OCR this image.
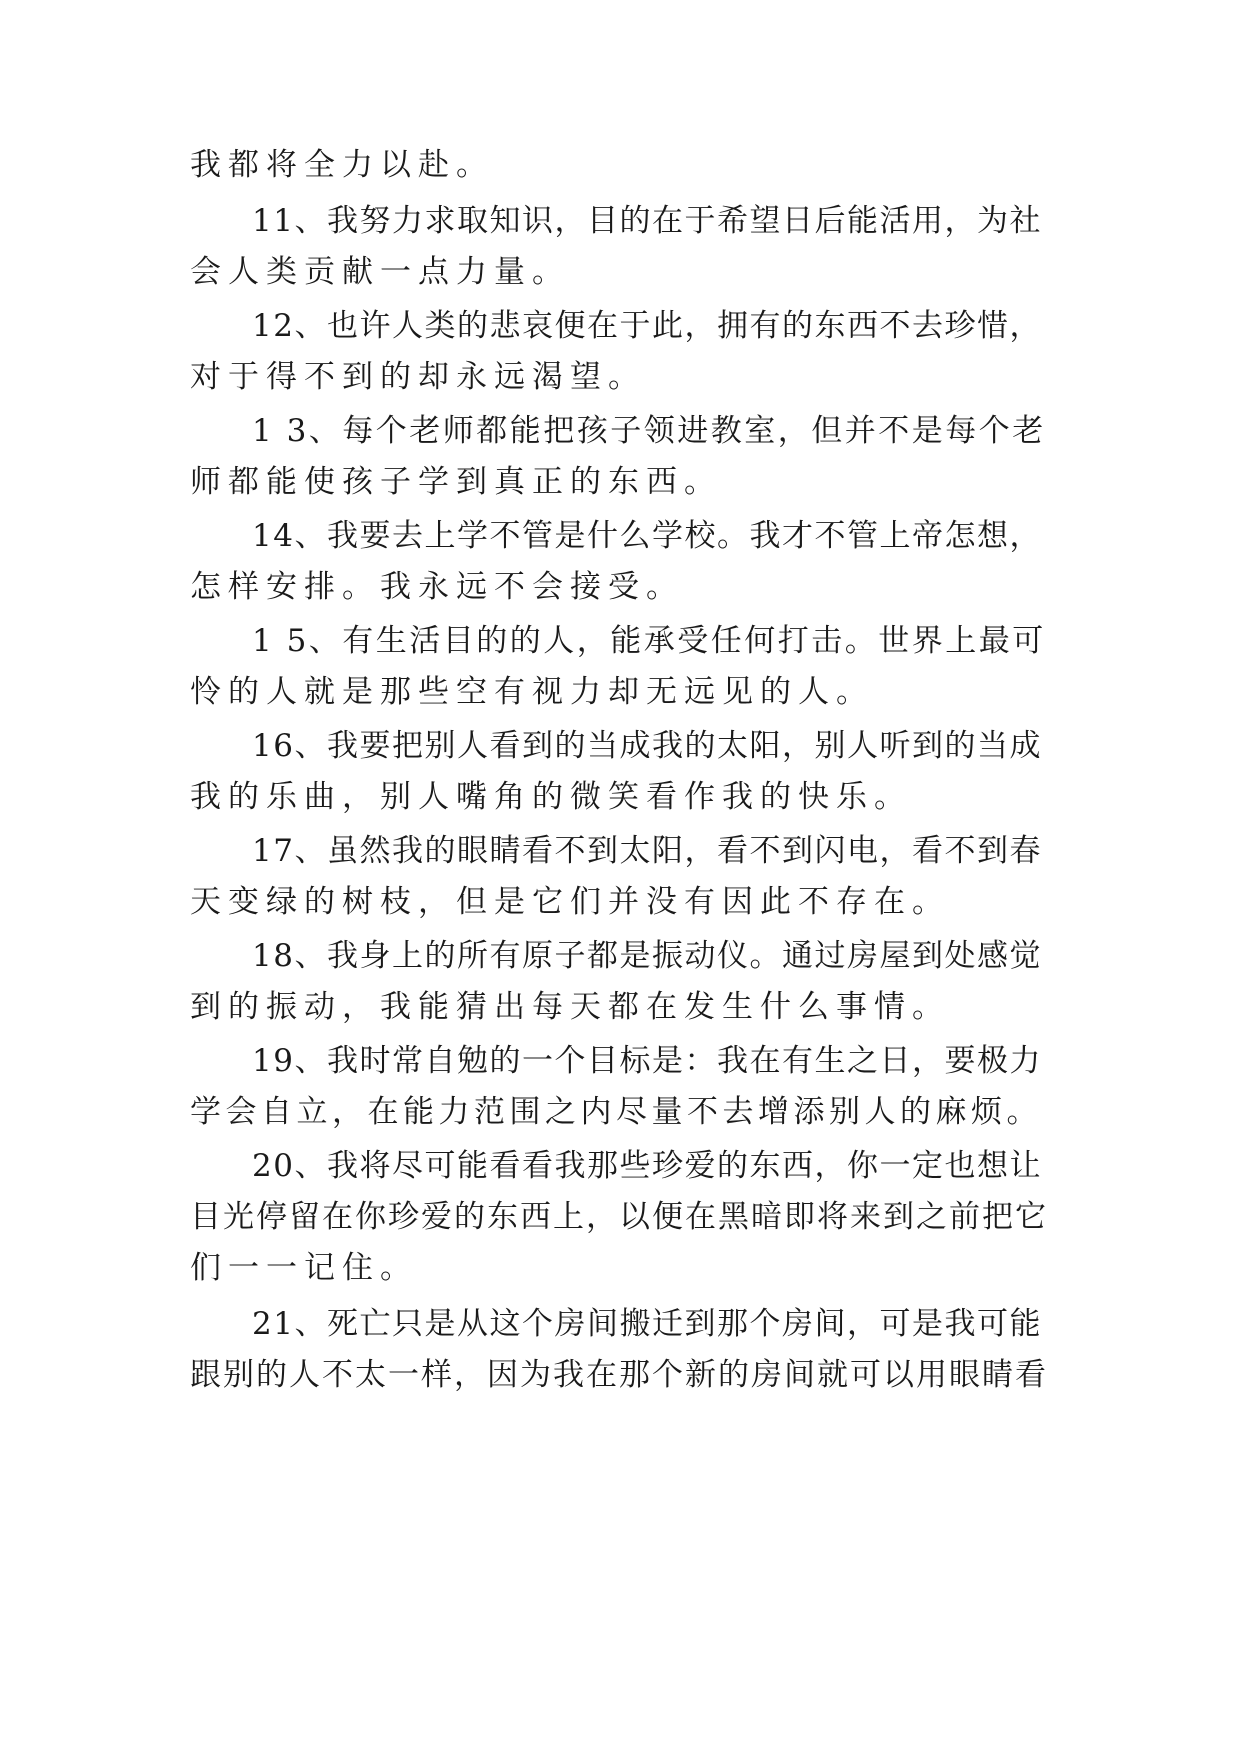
我都将全力以赴。
11、我努力求取知识，目的在于希望日后能活用，为社
会人类贡献一点力量。
12、也许人类的悲哀便在于此，拥有的东西不去珍惜，
对于得不到的却永远渴望。
1 3、每个老师都能把孩子领进教室，但并不是每个老
师都能使孩子学到真正的东西。
14、我要去上学不管是什么学校。我才不管上帝怎想，
怎样安排。我永远不会接受。
1 5、有生活目的的人，能承受任何打击。世界上最可
怜的人就是那些空有视力却无远见的人。
16、我要把别人看到的当成我的太阳，别人听到的当成
我的乐曲，别人嘴角的微笑看作我的快乐。
17、虽然我的眼睛看不到太阳，看不到闪电，看不到春
天变绿的树枝，但是它们并没有因此不存在。
18、我身上的所有原子都是振动仪。通过房屋到处感觉
到的振动，我能猜出每天都在发生什么事情。
19、我时常自勉的一个目标是：我在有生之日，要极力
学会自立，在能力范围之内尽量不去增添别人的麻烦。
20、我将尽可能看看我那些珍爱的东西，你一定也想让
目光停留在你珍爱的东西上，以便在黑暗即将来到之前把它
们一一记住。
21、死亡只是从这个房间搬迁到那个房间，可是我可能
跟别的人不太一样，因为我在那个新的房间就可以用眼睛看
